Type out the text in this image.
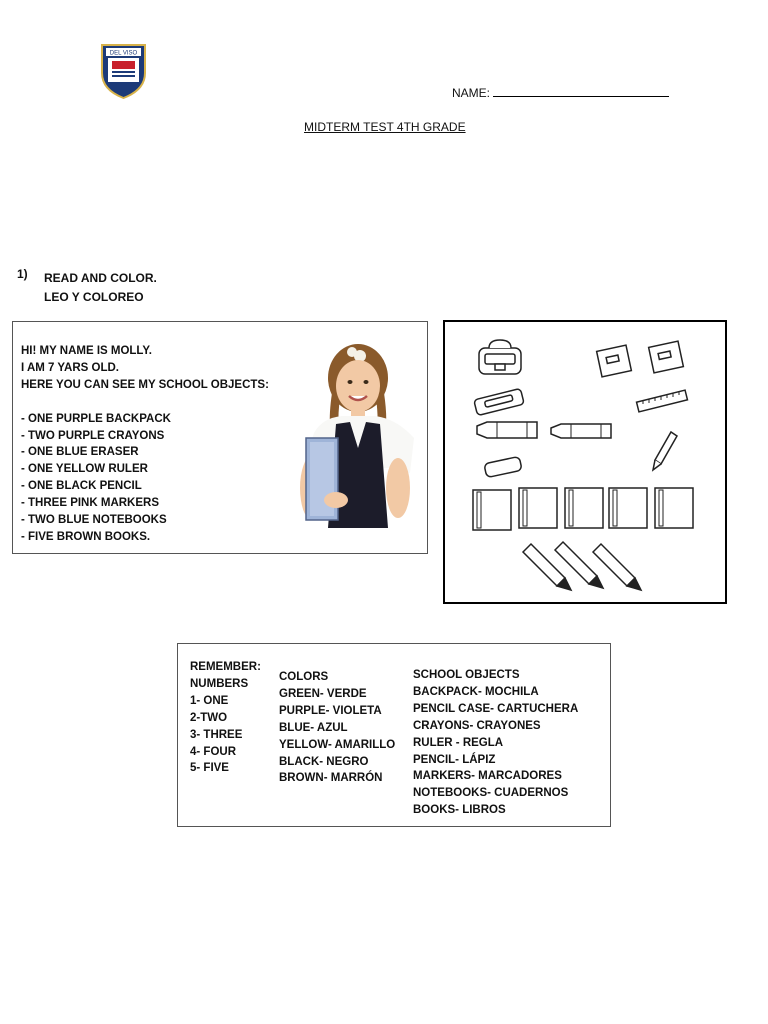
DEL VISO
NAME:
MIDTERM TEST 4TH GRADE
1) READ AND COLOR.
LEO Y COLOREO
HI! MY NAME IS MOLLY.
I AM 7 YARS OLD.
HERE YOU CAN SEE MY SCHOOL OBJECTS:
- ONE PURPLE BACKPACK
- TWO PURPLE CRAYONS
- ONE BLUE ERASER
- ONE YELLOW RULER
- ONE BLACK PENCIL
- THREE PINK MARKERS
- TWO BLUE NOTEBOOKS
- FIVE BROWN BOOKS.
REMEMBER:
NUMBERS
1- ONE
2-TWO
3- THREE
4- FOUR
5- FIVE
COLORS
GREEN- VERDE
PURPLE- VIOLETA
BLUE- AZUL
YELLOW- AMARILLO
BLACK- NEGRO
BROWN- MARRÓN
SCHOOL OBJECTS
BACKPACK- MOCHILA
PENCIL CASE- CARTUCHERA
CRAYONS- CRAYONES
RULER - REGLA
PENCIL- LÁPIZ
MARKERS- MARCADORES
NOTEBOOKS- CUADERNOS
BOOKS- LIBROS
